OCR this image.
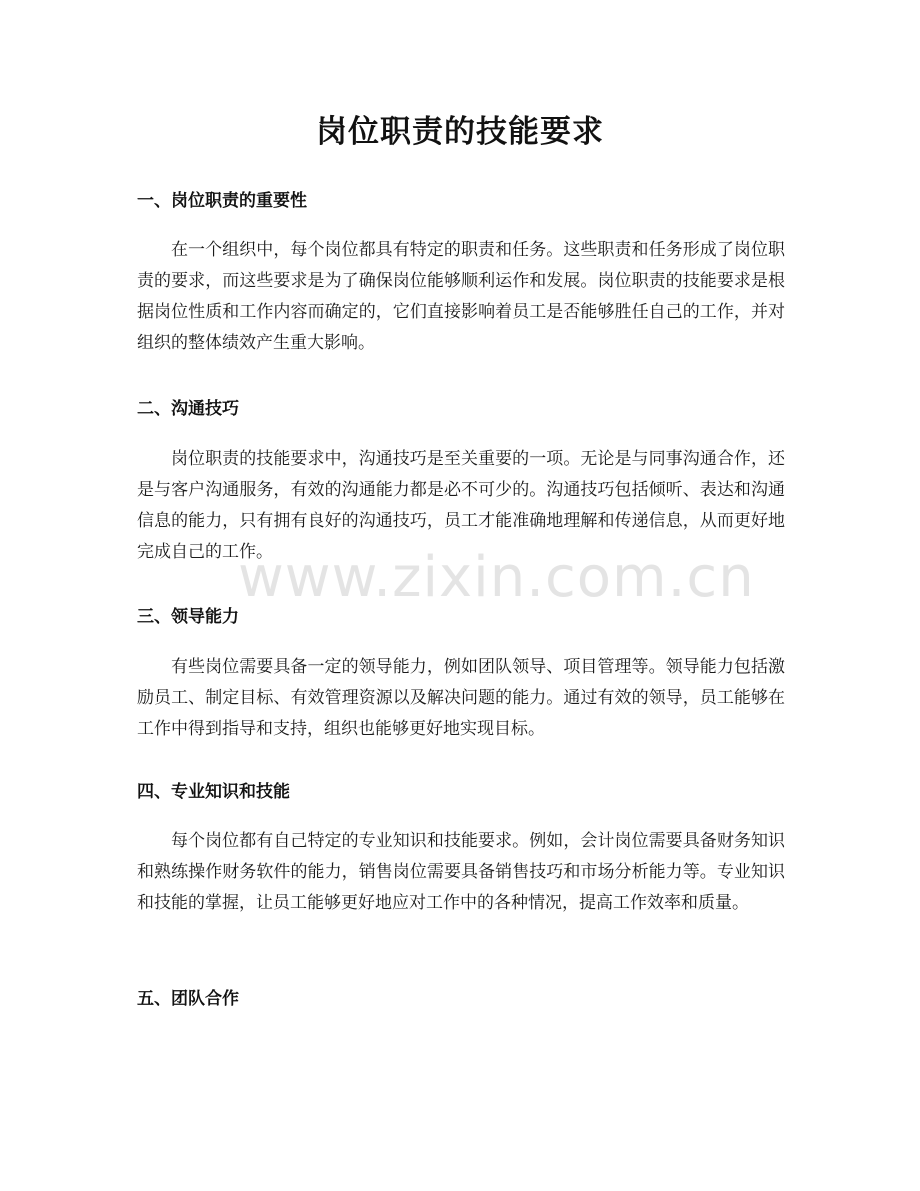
岗位职责的技能要求
一、岗位职责的重要性

在一个组织中，每个岗位都具有特定的职责和任务。这些职责和任务形成了岗位职责的要求，而这些要求是为了确保岗位能够顺利运作和发展。岗位职责的技能要求是根据岗位性质和工作内容而确定的，它们直接影响着员工是否能够胜任自己的工作，并对组织的整体绩效产生重大影响。

二、沟通技巧

岗位职责的技能要求中，沟通技巧是至关重要的一项。无论是与同事沟通合作，还是与客户沟通服务，有效的沟通能力都是必不可少的。沟通技巧包括倾听、表达和沟通信息的能力，只有拥有良好的沟通技巧，员工才能准确地理解和传递信息，从而更好地完成自己的工作。

三、领导能力

有些岗位需要具备一定的领导能力，例如团队领导、项目管理等。领导能力包括激励员工、制定目标、有效管理资源以及解决问题的能力。通过有效的领导，员工能够在工作中得到指导和支持，组织也能够更好地实现目标。

四、专业知识和技能

每个岗位都有自己特定的专业知识和技能要求。例如，会计岗位需要具备财务知识和熟练操作财务软件的能力，销售岗位需要具备销售技巧和市场分析能力等。专业知识和技能的掌握，让员工能够更好地应对工作中的各种情况，提高工作效率和质量。

五、团队合作
www.zixin.com.cn
